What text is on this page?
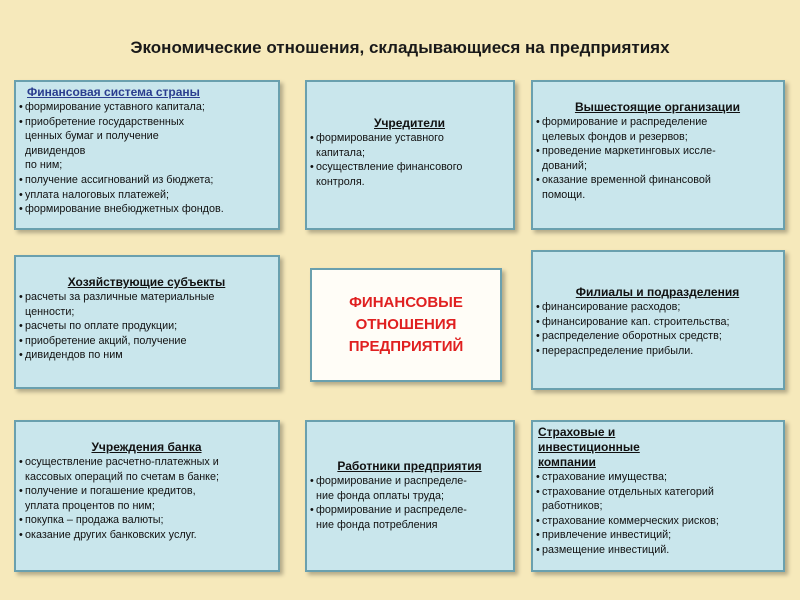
Экономические отношения, складывающиеся на предприятиях
Финансовая система страны
• формирование уставного капитала;
• приобретение государственных
ценных бумаг и получение
дивидендов
по ним;
• получение ассигнований из бюджета;
• уплата налоговых платежей;
• формирование внебюджетных фондов.
Учредители
• формирование уставного
капитала;
• осуществление финансового
контроля.
Вышестоящие организации
• формирование и распределение
целевых фондов и резервов;
• проведение маркетинговых иссле-
дований;
• оказание временной финансовой
помощи.
Хозяйствующие субъекты
• расчеты за различные материальные
ценности;
• расчеты по оплате продукции;
• приобретение акций, получение
• дивидендов по ним
ФИНАНСОВЫЕ
ОТНОШЕНИЯ
ПРЕДПРИЯТИЙ
Филиалы и подразделения
• финансирование расходов;
• финансирование кап. строительства;
• распределение оборотных средств;
• перераспределение прибыли.
Учреждения банка
• осуществление расчетно-платежных и
кассовых операций по счетам в банке;
• получение и погашение кредитов,
уплата процентов по ним;
• покупка – продажа валюты;
• оказание других банковских услуг.
Работники предприятия
• формирование и распределе-
ние фонда оплаты труда;
• формирование и распределе-
ние фонда потребления
Страховые и
инвестиционные
компании
• страхование имущества;
• страхование отдельных категорий
работников;
• страхование коммерческих рисков;
• привлечение инвестиций;
• размещение инвестиций.
